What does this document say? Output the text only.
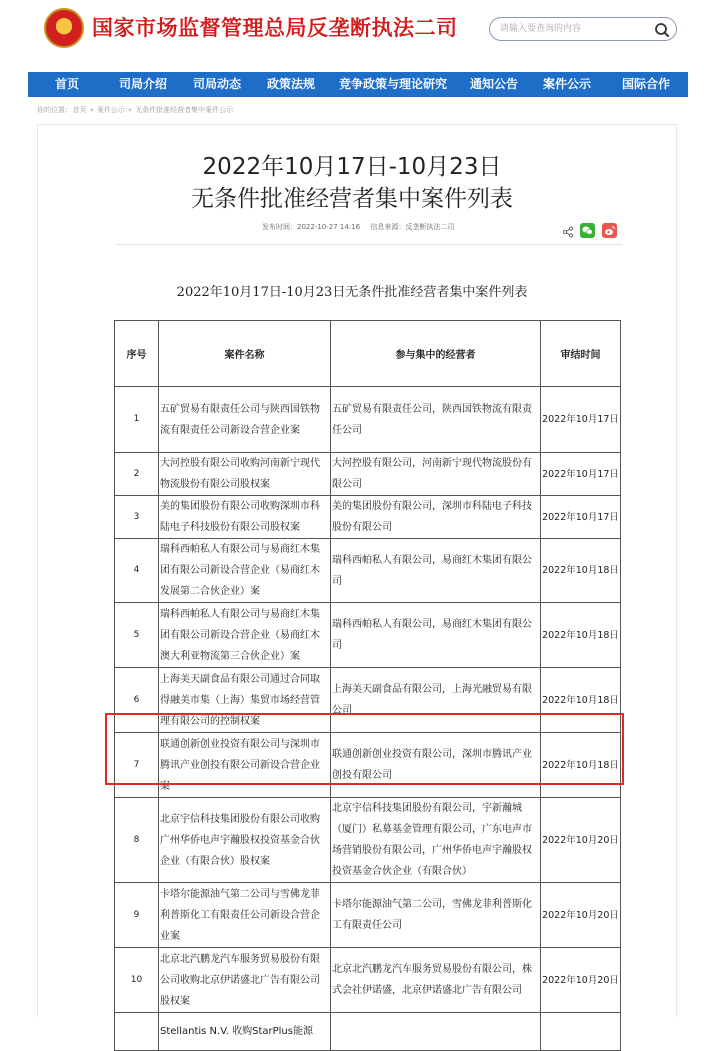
国家市场监督管理总局反垄断执法二司
请输入要查询的内容
首页	司局介绍	司局动态	政策法规	竞争政策与理论研究	通知公告	案件公示	国际合作
你的位置: 首页 » 案件公示 » 无条件批准经营者集中案件公示
2022年10月17日-10月23日
无条件批准经营者集中案件列表
发布时间：2022-10-27 14:16 信息来源：反垄断执法二司
2022年10月17日-10月23日无条件批准经营者集中案件列表
序号	案件名称	参与集中的经营者	审结时间
1	五矿贸易有限责任公司与陕西国铁物流有限责任公司新设合营企业案	五矿贸易有限责任公司，陕西国铁物流有限责任公司	2022年10月17日
2	大河控股有限公司收购河南新宁现代物流股份有限公司股权案	大河控股有限公司，河南新宁现代物流股份有限公司	2022年10月17日
3	美的集团股份有限公司收购深圳市科陆电子科技股份有限公司股权案	美的集团股份有限公司，深圳市科陆电子科技股份有限公司	2022年10月17日
4	瑞科西帕私人有限公司与易商红木集团有限公司新设合营企业（易商红木发展第二合伙企业）案	瑞科西帕私人有限公司，易商红木集团有限公司	2022年10月18日
5	瑞科西帕私人有限公司与易商红木集团有限公司新设合营企业（易商红木澳大利亚物流第三合伙企业）案	瑞科西帕私人有限公司，易商红木集团有限公司	2022年10月18日
6	上海美天副食品有限公司通过合同取得融美市集（上海）集贸市场经营管理有限公司的控制权案	上海美天副食品有限公司，上海光融贸易有限公司	2022年10月18日
7	联通创新创业投资有限公司与深圳市腾讯产业创投有限公司新设合营企业案	联通创新创业投资有限公司，深圳市腾讯产业创投有限公司	2022年10月18日
8	北京宇信科技集团股份有限公司收购广州华侨电声宇瀚股权投资基金合伙企业（有限合伙）股权案	北京宇信科技集团股份有限公司，宇新瀚城（厦门）私募基金管理有限公司，广东电声市场营销股份有限公司，广州华侨电声宇瀚股权投资基金合伙企业（有限合伙）	2022年10月20日
9	卡塔尔能源油气第二公司与雪佛龙菲利普斯化工有限责任公司新设合营企业案	卡塔尔能源油气第二公司，雪佛龙菲利普斯化工有限责任公司	2022年10月20日
10	北京北汽鹏龙汽车服务贸易股份有限公司收购北京伊诺盛北广告有限公司股权案	北京北汽鹏龙汽车服务贸易股份有限公司，株式会社伊诺盛，北京伊诺盛北广告有限公司	2022年10月20日
	Stellantis N.V. 收购StarPlus能源		
